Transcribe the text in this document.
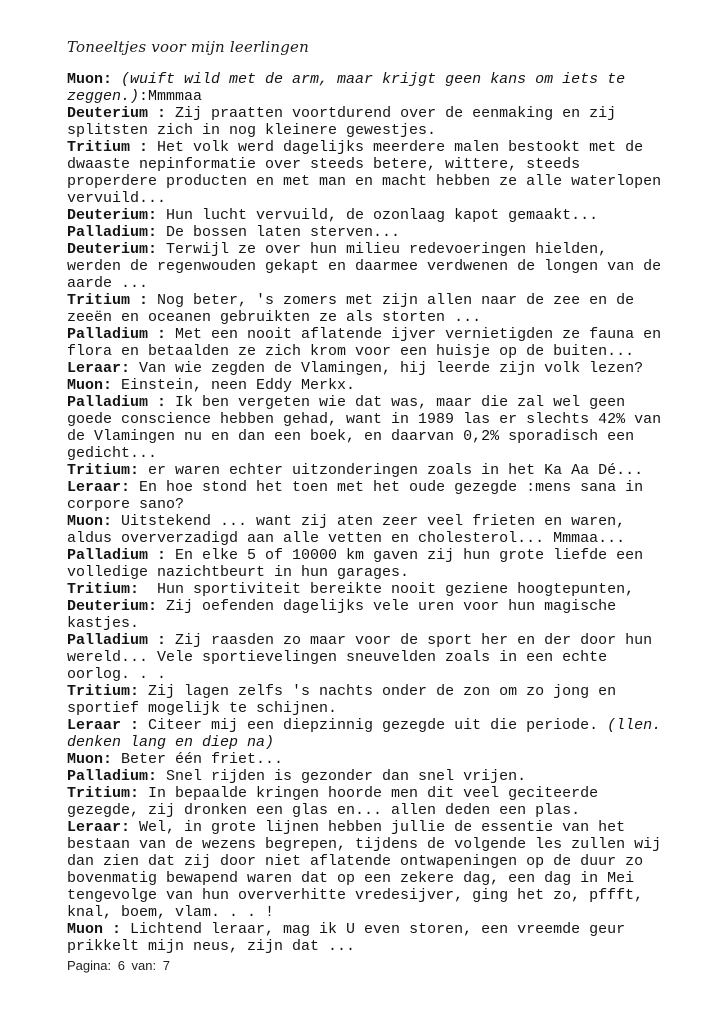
Toneeltjes voor mijn leerlingen
Muon: (wuift wild met de arm, maar krijgt geen kans om iets te
zeggen.):Mmmmaa
Deuterium : Zij praatten voortdurend over de eenmaking en zij
splitsten zich in nog kleinere gewestjes.
Tritium : Het volk werd dagelijks meerdere malen bestookt met de
dwaaste nepinformatie over steeds betere, wittere, steeds
properdere producten en met man en macht hebben ze alle waterlopen
vervuild...
Deuterium: Hun lucht vervuild, de ozonlaag kapot gemaakt...
Palladium: De bossen laten sterven...
Deuterium: Terwijl ze over hun milieu redevoeringen hielden,
werden de regenwouden gekapt en daarmee verdwenen de longen van de
aarde ...
Tritium : Nog beter, 's zomers met zijn allen naar de zee en de
zeeën en oceanen gebruikten ze als storten ...
Palladium : Met een nooit aflatende ijver vernietigden ze fauna en
flora en betaalden ze zich krom voor een huisje op de buiten...
Leraar: Van wie zegden de Vlamingen, hij leerde zijn volk lezen?
Muon: Einstein, neen Eddy Merkx.
Palladium : Ik ben vergeten wie dat was, maar die zal wel geen
goede conscience hebben gehad, want in 1989 las er slechts 42% van
de Vlamingen nu en dan een boek, en daarvan 0,2% sporadisch een
gedicht...
Tritium: er waren echter uitzonderingen zoals in het Ka Aa Dé...
Leraar: En hoe stond het toen met het oude gezegde :mens sana in
corpore sano?
Muon: Uitstekend ... want zij aten zeer veel frieten en waren,
aldus oververzadigd aan alle vetten en cholesterol... Mmmaa...
Palladium : En elke 5 of 10000 km gaven zij hun grote liefde een
volledige nazichtbeurt in hun garages.
Tritium:  Hun sportiviteit bereikte nooit geziene hoogtepunten,
Deuterium: Zij oefenden dagelijks vele uren voor hun magische
kastjes.
Palladium : Zij raasden zo maar voor de sport her en der door hun
wereld... Vele sportievelingen sneuvelden zoals in een echte
oorlog. . .
Tritium: Zij lagen zelfs 's nachts onder de zon om zo jong en
sportief mogelijk te schijnen.
Leraar : Citeer mij een diepzinnig gezegde uit die periode. (llen.
denken lang en diep na)
Muon: Beter één friet...
Palladium: Snel rijden is gezonder dan snel vrijen.
Tritium: In bepaalde kringen hoorde men dit veel geciteerde
gezegde, zij dronken een glas en... allen deden een plas.
Leraar: Wel, in grote lijnen hebben jullie de essentie van het
bestaan van de wezens begrepen, tijdens de volgende les zullen wij
dan zien dat zij door niet aflatende ontwapeningen op de duur zo
bovenmatig bewapend waren dat op een zekere dag, een dag in Mei
tengevolge van hun oververhitte vredesijver, ging het zo, pffft,
knal, boem, vlam. . . !
Muon : Lichtend leraar, mag ik U even storen, een vreemde geur
prikkelt mijn neus, zijn dat ...
Pagina: 6 van: 7
